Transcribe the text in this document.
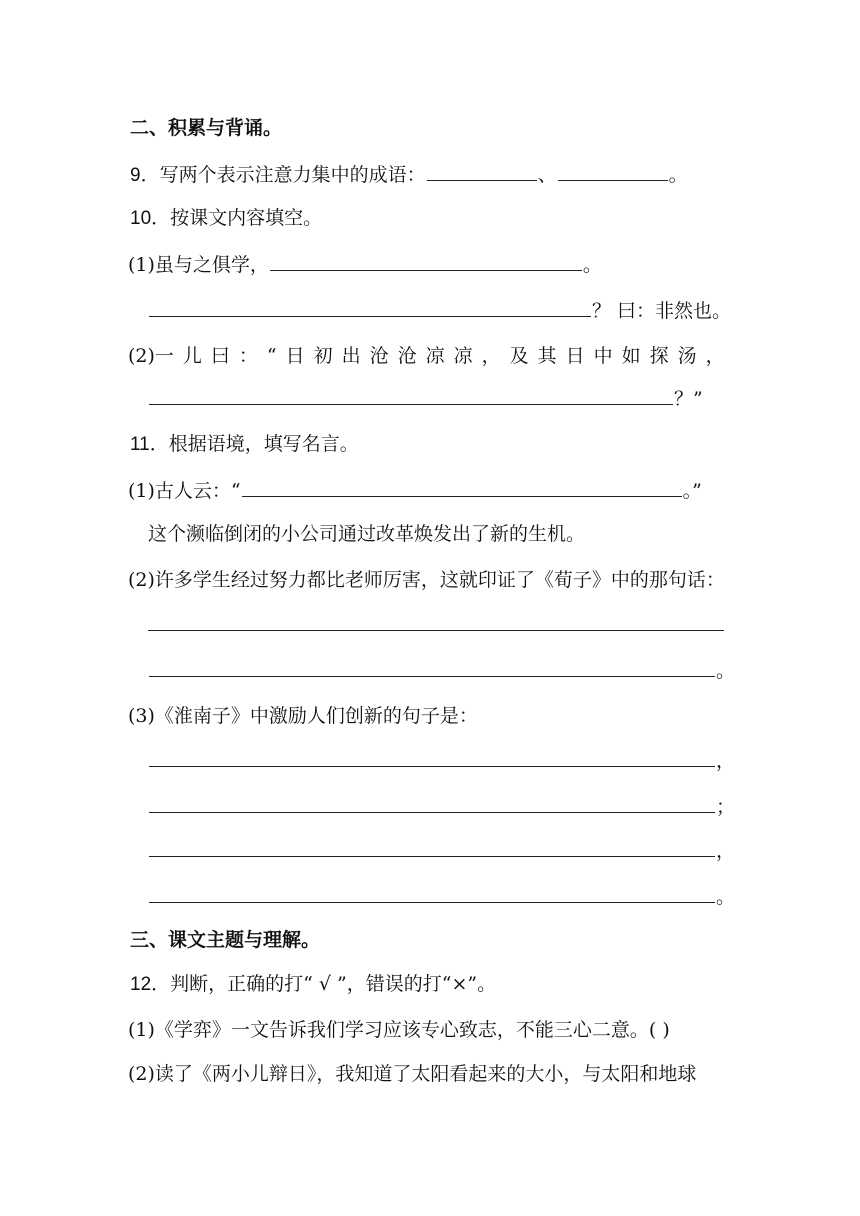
二、积累与背诵。
9．写两个表示注意力集中的成语：	、	。
10．按课文内容填空。
(1)虽与之俱学，	。
？ 曰：非然也。
(2)一儿曰：“日初出沧沧凉凉，及其日中如探汤，
？”
11．根据语境，填写名言。
(1)古人云：“	。”
这个濒临倒闭的小公司通过改革焕发出了新的生机。
(2)许多学生经过努力都比老师厉害，这就印证了《荀子》中的那句话：
。
(3)《淮南子》中激励人们创新的句子是：
，
；
，
。
三、课文主题与理解。
12．判断，正确的打“ √ ”，错误的打“×”。
(1)《学弈》一文告诉我们学习应该专心致志，不能三心二意。( )
(2)读了《两小儿辩日》，我知道了太阳看起来的大小，与太阳和地球
